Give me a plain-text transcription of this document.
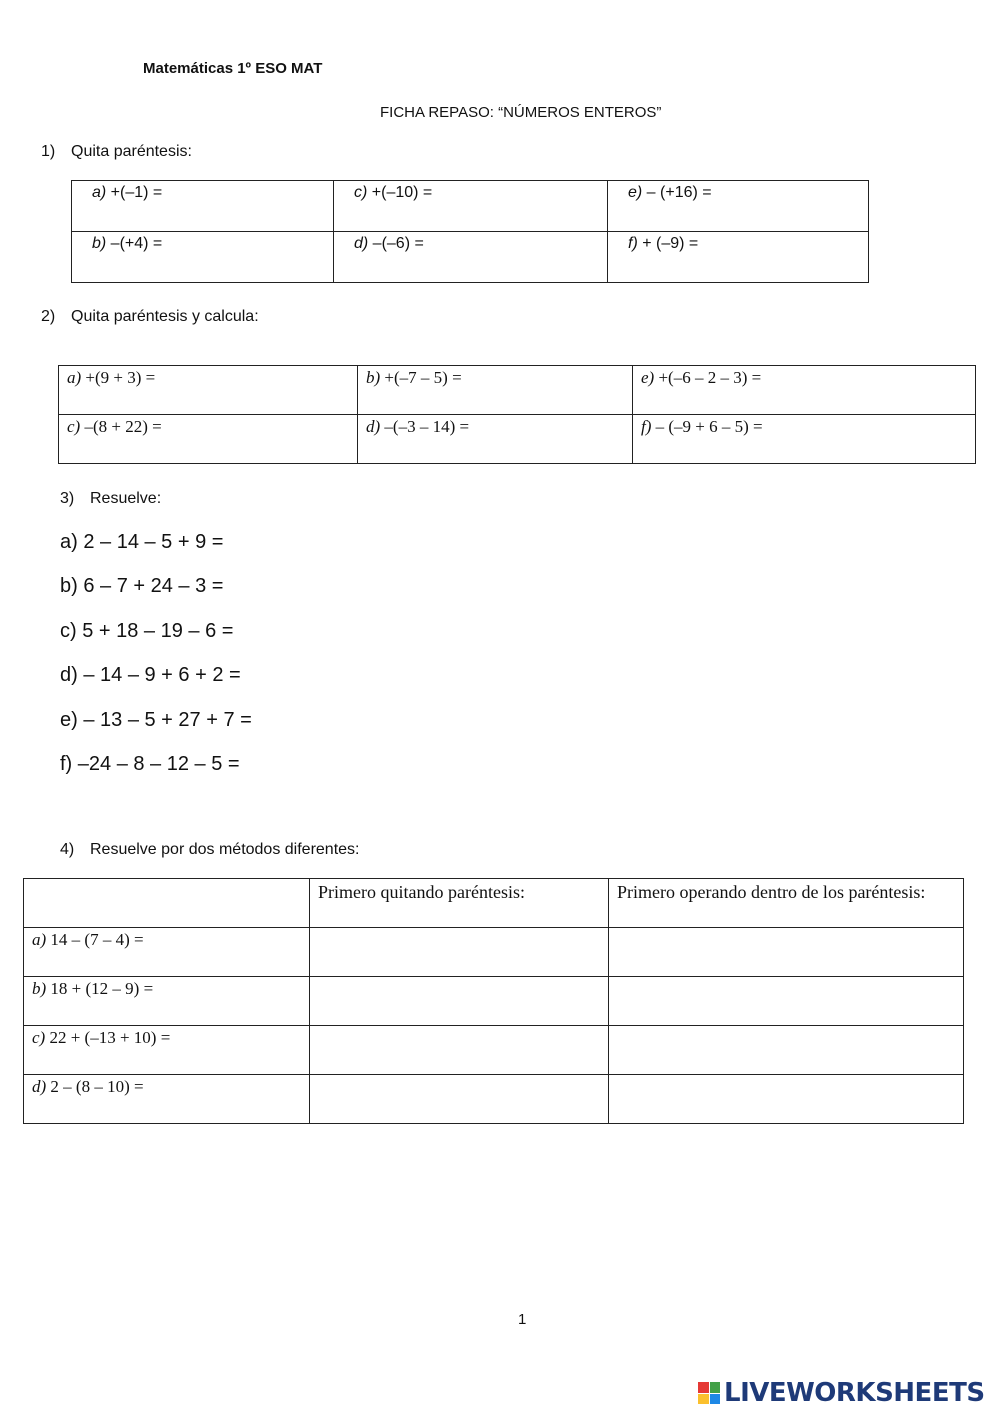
Matemáticas 1º ESO MAT
FICHA REPASO: “NÚMEROS ENTEROS”
1) Quita paréntesis:
a) +(–1) =	c) +(–10) =	e) – (+16) =
b) –(+4) =	d) –(–6) =	f) + (–9) =
2) Quita paréntesis y calcula:
a) +(9 + 3) =	b) +(–7 – 5) =	e) +(–6 – 2 – 3) =
c) –(8 + 22) =	d) –(–3 – 14) =	f) – (–9 + 6 – 5) =
3) Resuelve:
a) 2 – 14 – 5 + 9 =
b) 6 – 7 + 24 – 3 =
c) 5 + 18 – 19 – 6 =
d) – 14 – 9 + 6 + 2 =
e) – 13 – 5 + 27 + 7 =
f) –24 – 8 – 12 – 5 =
4) Resuelve por dos métodos diferentes:
	Primero quitando paréntesis:	Primero operando dentro de los paréntesis:
a) 14 – (7 – 4) =		
b) 18 + (12 – 9) =		
c) 22 + (–13 + 10) =		
d) 2 – (8 – 10) =		
1
LIVEWORKSHEETS
